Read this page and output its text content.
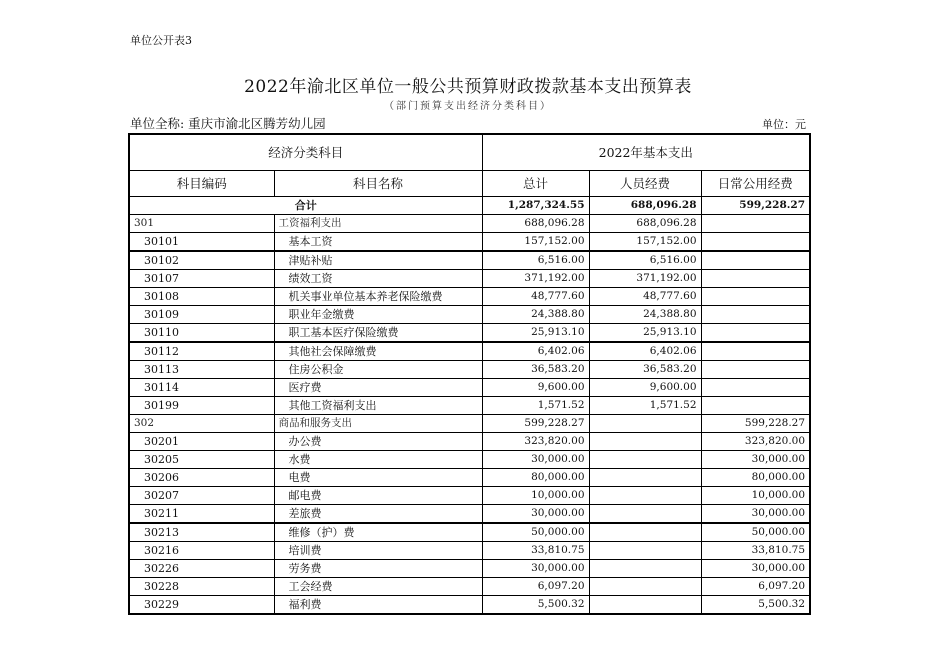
单位公开表3
2022年渝北区单位一般公共预算财政拨款基本支出预算表
（部门预算支出经济分类科目）
单位全称: 重庆市渝北区腾芳幼儿园	单位：元
经济分类科目		2022年基本支出		
科目编码	科目名称	总计	人员经费	日常公用经费
合计		1,287,324.55	688,096.28	599,228.27
301	工资福利支出	688,096.28	688,096.28	
30101	基本工资	157,152.00	157,152.00	
30102	津贴补贴	6,516.00	6,516.00	
30107	绩效工资	371,192.00	371,192.00	
30108	机关事业单位基本养老保险缴费	48,777.60	48,777.60	
30109	职业年金缴费	24,388.80	24,388.80	
30110	职工基本医疗保险缴费	25,913.10	25,913.10	
30112	其他社会保障缴费	6,402.06	6,402.06	
30113	住房公积金	36,583.20	36,583.20	
30114	医疗费	9,600.00	9,600.00	
30199	其他工资福利支出	1,571.52	1,571.52	
302	商品和服务支出	599,228.27		599,228.27
30201	办公费	323,820.00		323,820.00
30205	水费	30,000.00		30,000.00
30206	电费	80,000.00		80,000.00
30207	邮电费	10,000.00		10,000.00
30211	差旅费	30,000.00		30,000.00
30213	维修（护）费	50,000.00		50,000.00
30216	培训费	33,810.75		33,810.75
30226	劳务费	30,000.00		30,000.00
30228	工会经费	6,097.20		6,097.20
30229	福利费	5,500.32		5,500.32
